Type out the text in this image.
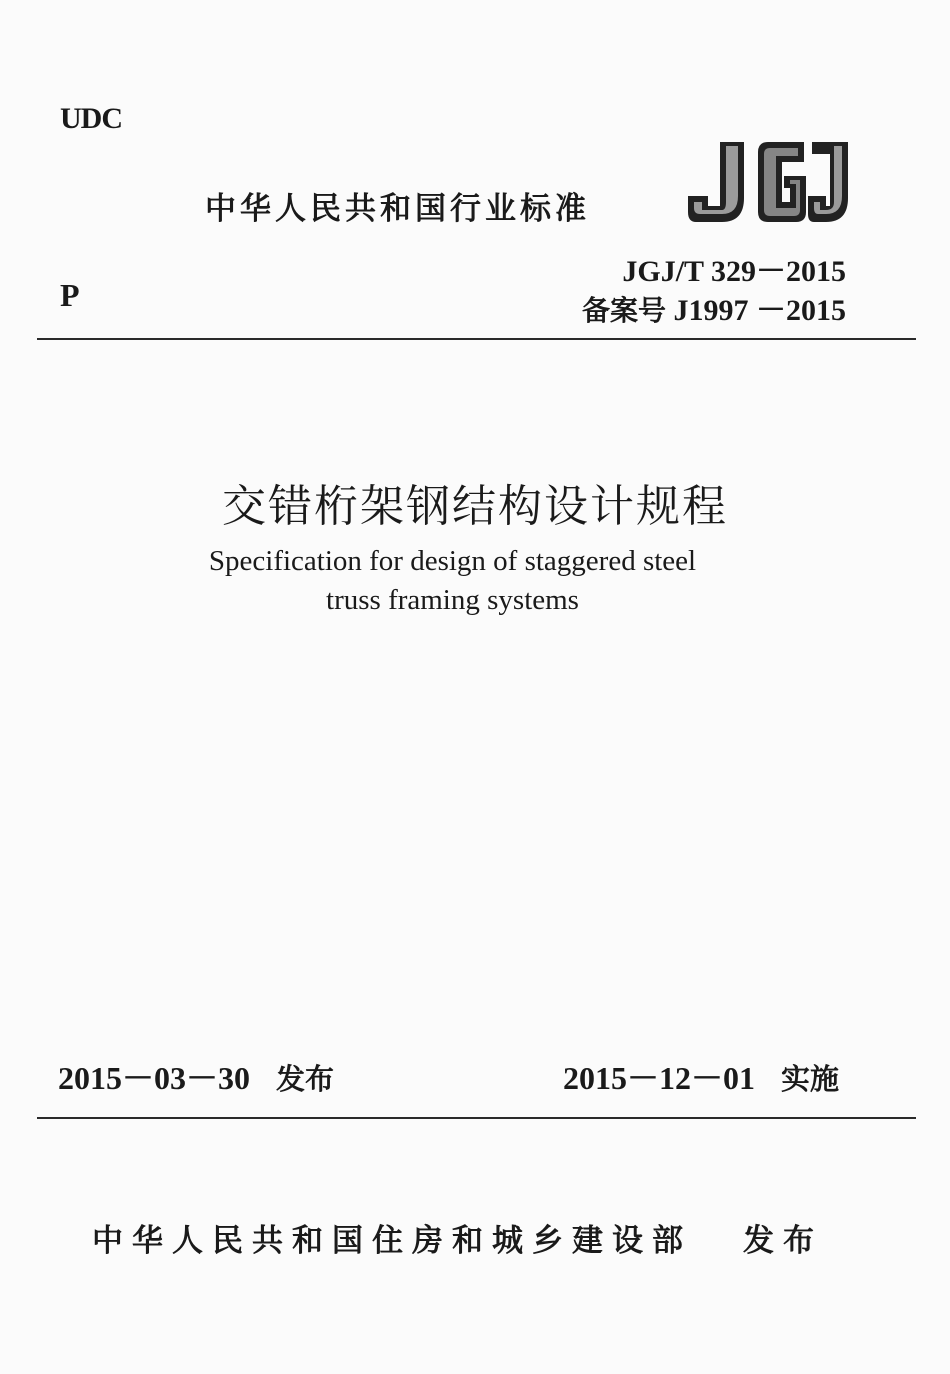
UDC
中华人民共和国行业标准
JGJ/T 329－2015
备案号 J1997 －2015
P
交错桁架钢结构设计规程
Specification for design of staggered steel
truss framing systems
2015－03－30 发布	2015－12－01 实施
中华人民共和国住房和城乡建设部 发布
